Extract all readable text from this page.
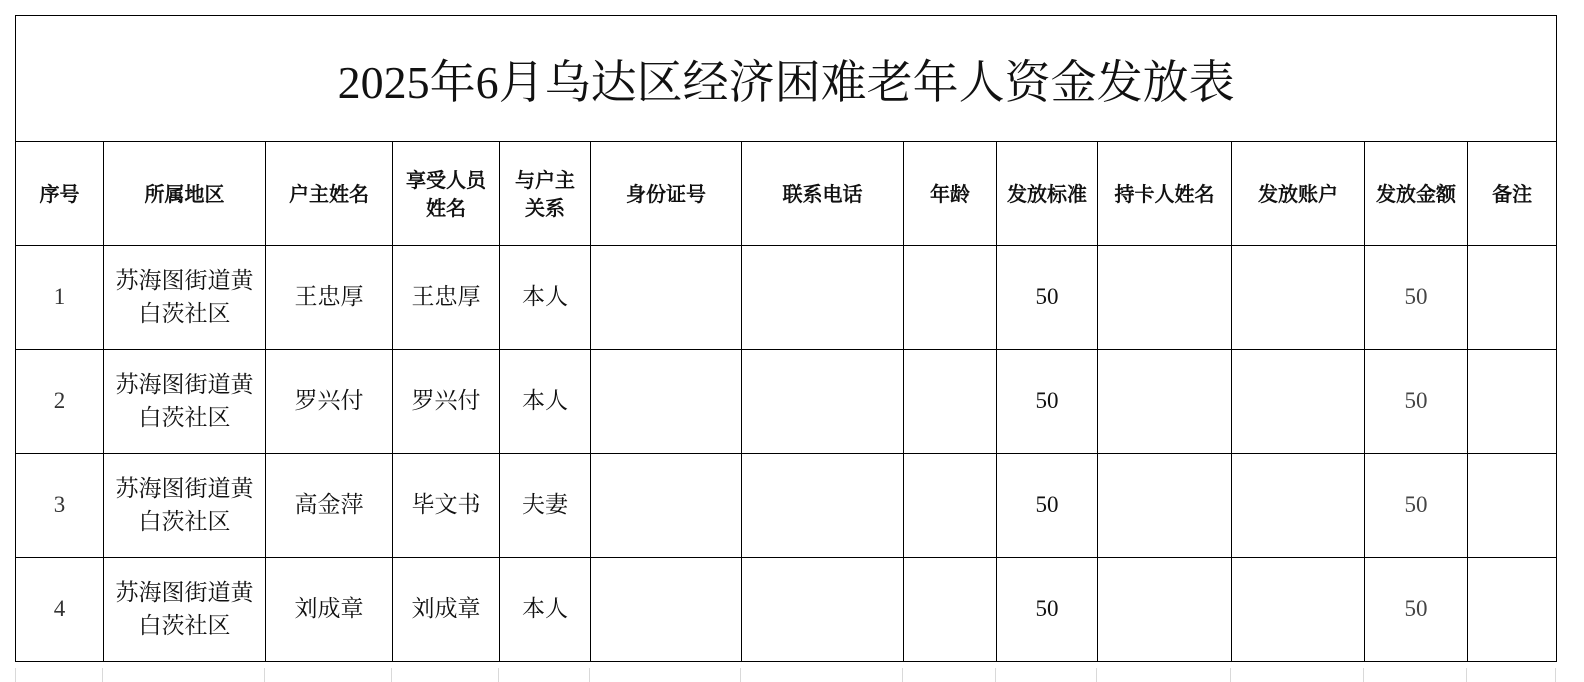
2025年6月乌达区经济困难老年人资金发放表												
序号	所属地区	户主姓名	享受人员姓名	与户主关系	身份证号	联系电话	年龄	发放标准	持卡人姓名	发放账户	发放金额	备注
1	苏海图街道黄白茨社区	王忠厚	王忠厚	本人				50			50	
2	苏海图街道黄白茨社区	罗兴付	罗兴付	本人				50			50	
3	苏海图街道黄白茨社区	高金萍	毕文书	夫妻				50			50	
4	苏海图街道黄白茨社区	刘成章	刘成章	本人				50			50	
